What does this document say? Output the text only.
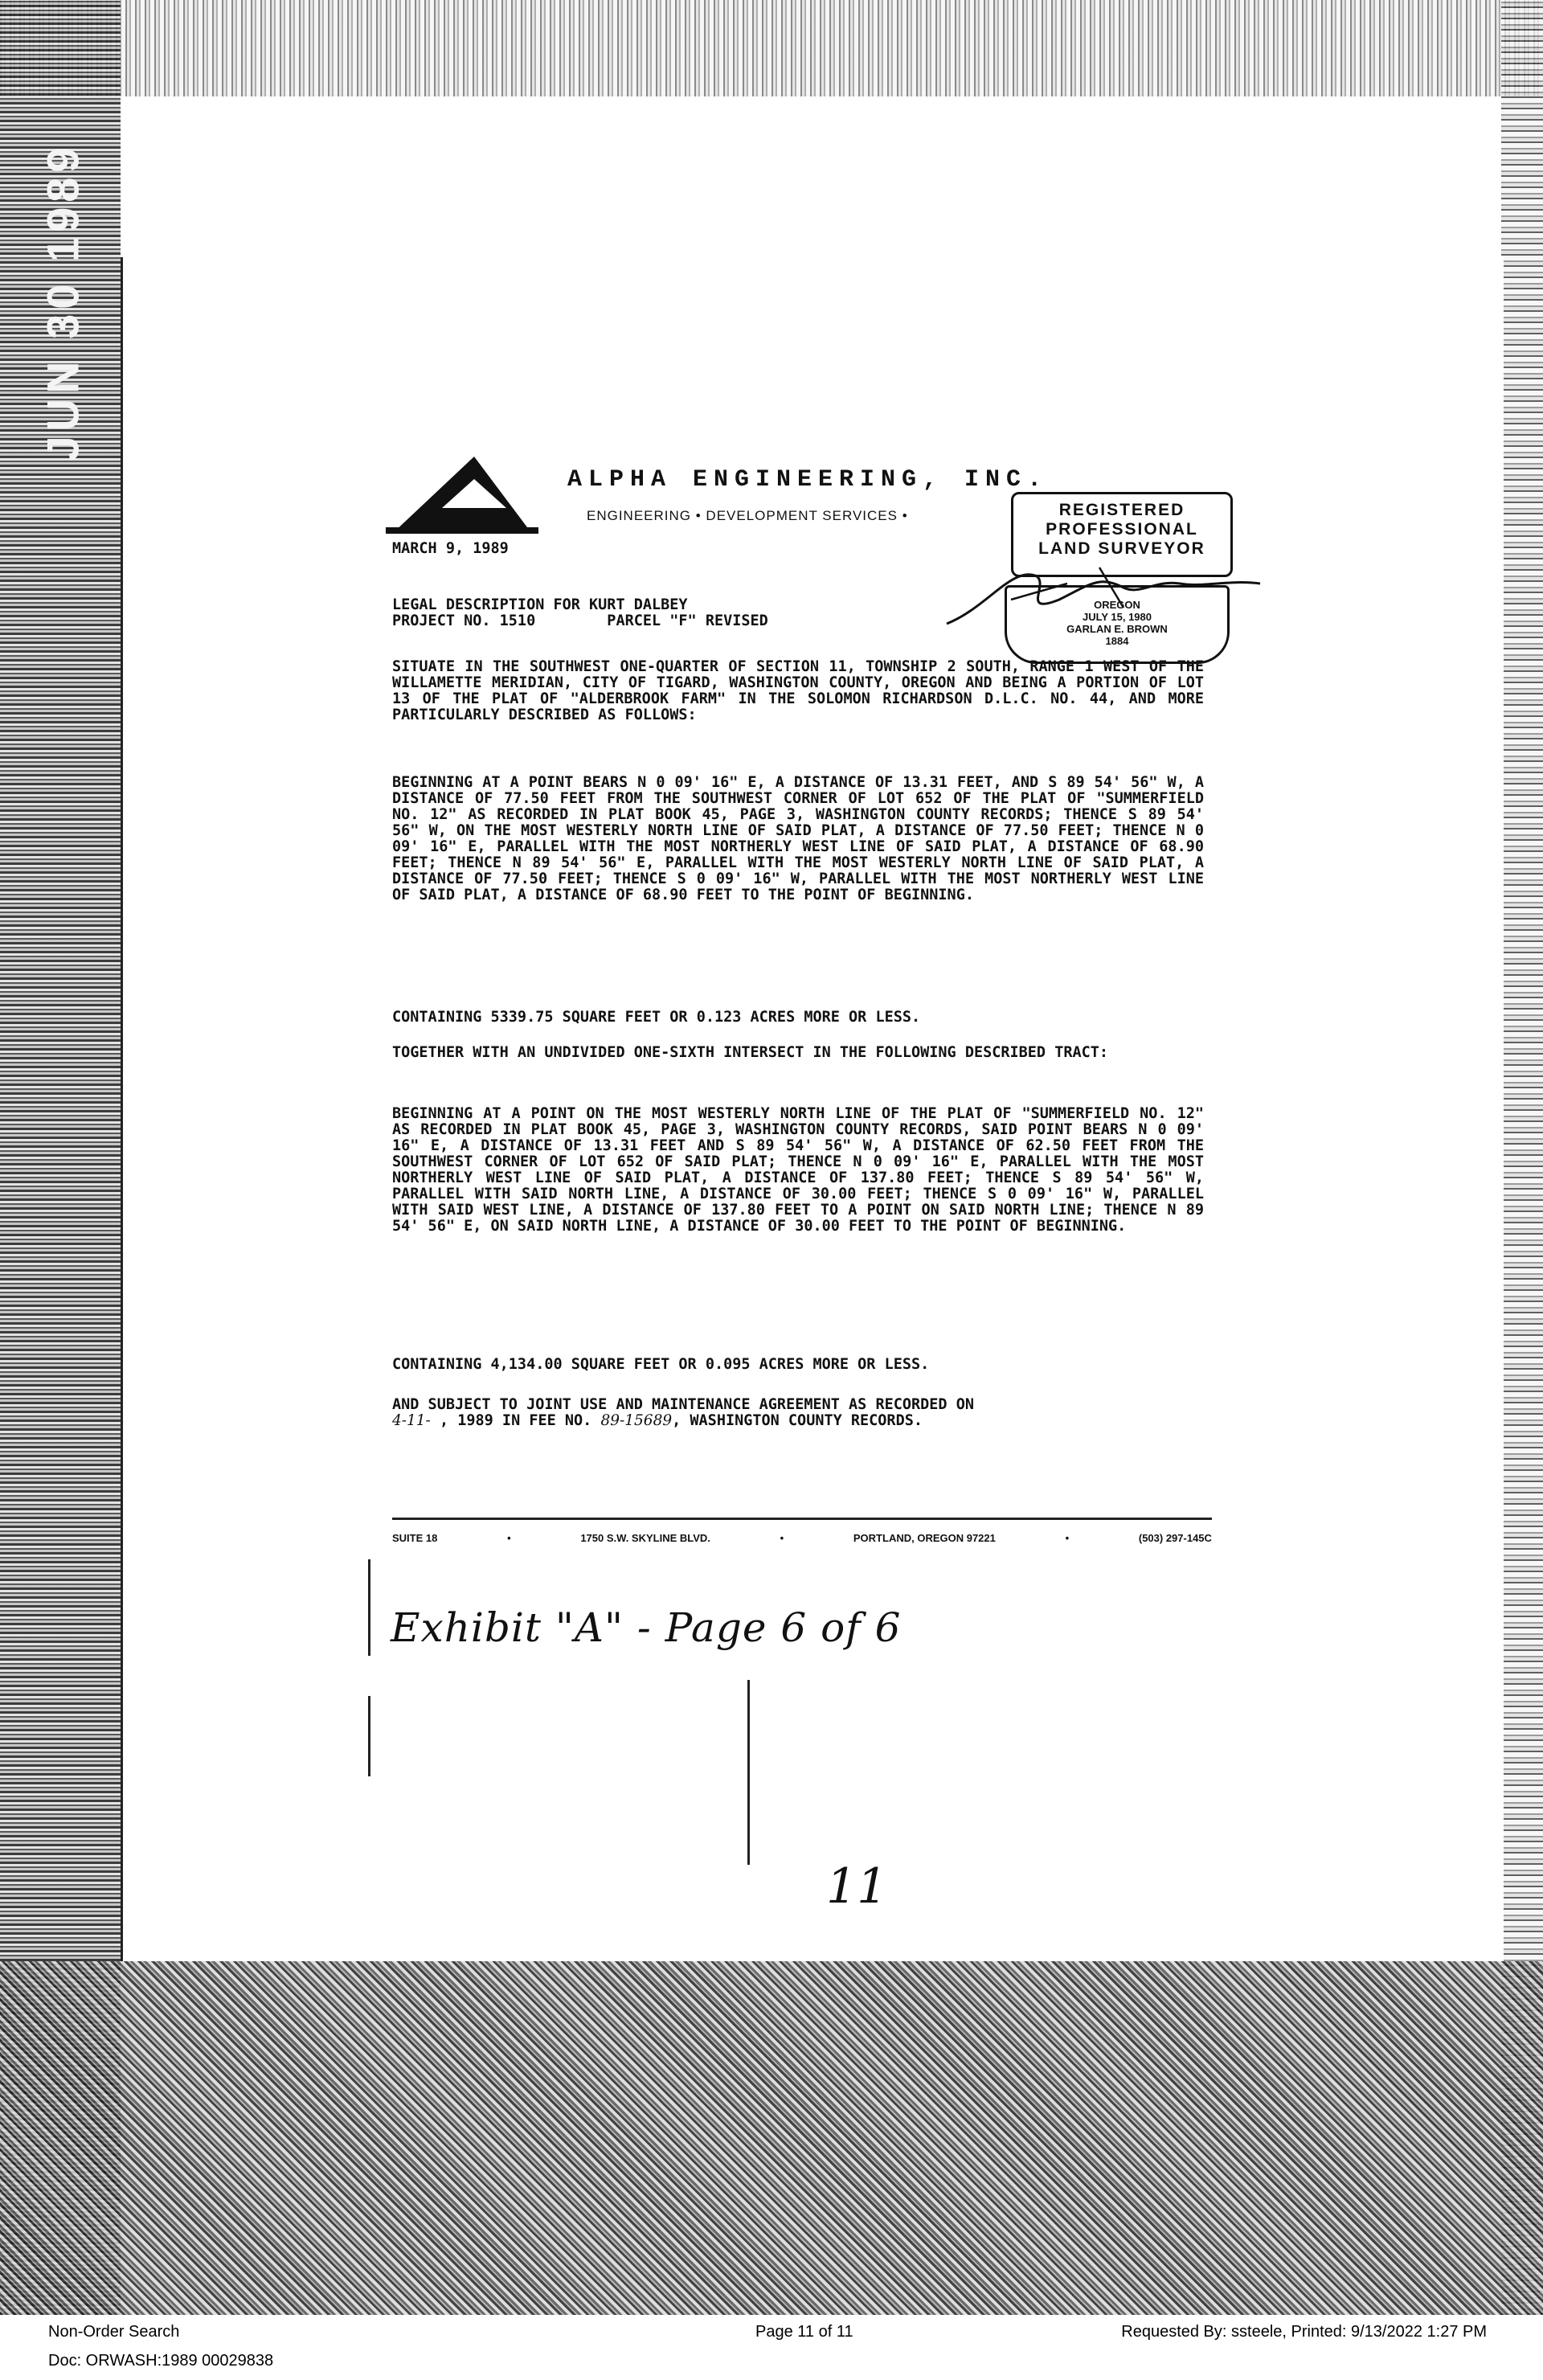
JUN 30 1989
ALPHA ENGINEERING, INC.
ENGINEERING • DEVELOPMENT SERVICES •	REGISTERED
PROFESSIONAL
LAND SURVEYOR
OREGON
JULY 15, 1980
GARLAN E. BROWN
1884
MARCH 9, 1989
LEGAL DESCRIPTION FOR KURT DALBEY
PROJECT NO. 1510        PARCEL "F" REVISED
SITUATE IN THE SOUTHWEST ONE-QUARTER OF SECTION 11, TOWNSHIP 2 SOUTH, RANGE 1 WEST OF THE WILLAMETTE MERIDIAN, CITY OF TIGARD, WASHINGTON COUNTY, OREGON AND BEING A PORTION OF LOT 13 OF THE PLAT OF "ALDERBROOK FARM" IN THE SOLOMON RICHARDSON D.L.C. NO. 44, AND MORE PARTICULARLY DESCRIBED AS FOLLOWS:
BEGINNING AT A POINT BEARS N 0 09' 16" E, A DISTANCE OF 13.31 FEET, AND S 89 54' 56" W, A DISTANCE OF 77.50 FEET FROM THE SOUTHWEST CORNER OF LOT 652 OF THE PLAT OF "SUMMERFIELD NO. 12" AS RECORDED IN PLAT BOOK 45, PAGE 3, WASHINGTON COUNTY RECORDS; THENCE S 89 54' 56" W, ON THE MOST WESTERLY NORTH LINE OF SAID PLAT, A DISTANCE OF 77.50 FEET; THENCE N 0 09' 16" E, PARALLEL WITH THE MOST NORTHERLY WEST LINE OF SAID PLAT, A DISTANCE OF 68.90 FEET; THENCE N 89 54' 56" E, PARALLEL WITH THE MOST WESTERLY NORTH LINE OF SAID PLAT, A DISTANCE OF 77.50 FEET; THENCE S 0 09' 16" W, PARALLEL WITH THE MOST NORTHERLY WEST LINE OF SAID PLAT, A DISTANCE OF 68.90 FEET TO THE POINT OF BEGINNING.
CONTAINING 5339.75 SQUARE FEET OR 0.123 ACRES MORE OR LESS.
TOGETHER WITH AN UNDIVIDED ONE-SIXTH INTERSECT IN THE FOLLOWING DESCRIBED TRACT:
BEGINNING AT A POINT ON THE MOST WESTERLY NORTH LINE OF THE PLAT OF "SUMMERFIELD NO. 12" AS RECORDED IN PLAT BOOK 45, PAGE 3, WASHINGTON COUNTY RECORDS, SAID POINT BEARS N 0 09' 16" E, A DISTANCE OF 13.31 FEET AND S 89 54' 56" W, A DISTANCE OF 62.50 FEET FROM THE SOUTHWEST CORNER OF LOT 652 OF SAID PLAT; THENCE N 0 09' 16" E, PARALLEL WITH THE MOST NORTHERLY WEST LINE OF SAID PLAT, A DISTANCE OF 137.80 FEET; THENCE S 89 54' 56" W, PARALLEL WITH SAID NORTH LINE, A DISTANCE OF 30.00 FEET; THENCE S 0 09' 16" W, PARALLEL WITH SAID WEST LINE, A DISTANCE OF 137.80 FEET TO A POINT ON SAID NORTH LINE; THENCE N 89 54' 56" E, ON SAID NORTH LINE, A DISTANCE OF 30.00 FEET TO THE POINT OF BEGINNING.
CONTAINING 4,134.00 SQUARE FEET OR 0.095 ACRES MORE OR LESS.
AND SUBJECT TO JOINT USE AND MAINTENANCE AGREEMENT AS RECORDED ON
4-11- , 1989 IN FEE NO. 89-15689, WASHINGTON COUNTY RECORDS.
SUITE 18	•	1750 S.W. SKYLINE BLVD.	•	PORTLAND, OREGON 97221	•	(503) 297-145C
Exhibit "A" - Page 6 of 6
11
Non-Order Search
Doc: ORWASH:1989 00029838
Page 11 of 11	Requested By: ssteele, Printed: 9/13/2022 1:27 PM
